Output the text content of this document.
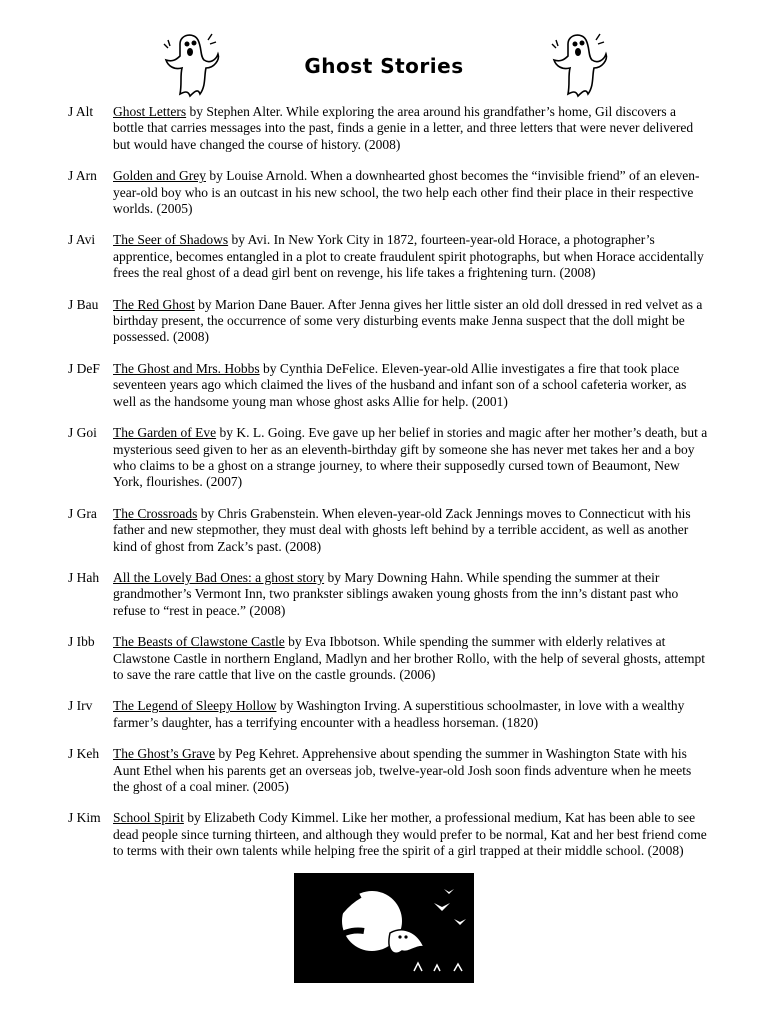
Ghost Stories
J Alt	Ghost Letters by Stephen Alter. While exploring the area around his grandfather’s home, Gil discovers a bottle that carries messages into the past, finds a genie in a letter, and three letters that were never delivered but would have changed the course of history. (2008)
J Arn	Golden and Grey by Louise Arnold. When a downhearted ghost becomes the “invisible friend” of an eleven-year-old boy who is an outcast in his new school, the two help each other find their place in their respective worlds. (2005)
J Avi	The Seer of Shadows by Avi. In New York City in 1872, fourteen-year-old Horace, a photographer’s apprentice, becomes entangled in a plot to create fraudulent spirit photographs, but when Horace accidentally frees the real ghost of a dead girl bent on revenge, his life takes a frightening turn. (2008)
J Bau	The Red Ghost by Marion Dane Bauer. After Jenna gives her little sister an old doll dressed in red velvet as a birthday present, the occurrence of some very disturbing events make Jenna suspect that the doll might be possessed. (2008)
J DeF The Ghost and Mrs. Hobbs by Cynthia DeFelice. Eleven-year-old Allie investigates a fire that took place seventeen years ago which claimed the lives of the husband and infant son of a school cafeteria worker, as well as the handsome young man whose ghost asks Allie for help. (2001)
J Goi	The Garden of Eve by K. L. Going. Eve gave up her belief in stories and magic after her mother’s death, but a mysterious seed given to her as an eleventh-birthday gift by someone she has never met takes her and a boy who claims to be a ghost on a strange journey, to where their supposedly cursed town of Beaumont, New York, flourishes. (2007)
J Gra	The Crossroads by Chris Grabenstein. When eleven-year-old Zack Jennings moves to Connecticut with his father and new stepmother, they must deal with ghosts left behind by a terrible accident, as well as another kind of ghost from Zack’s past. (2008)
J Hah	All the Lovely Bad Ones: a ghost story by Mary Downing Hahn. While spending the summer at their grandmother’s Vermont Inn, two prankster siblings awaken young ghosts from the inn’s distant past who refuse to “rest in peace.” (2008)
J Ibb	The Beasts of Clawstone Castle by Eva Ibbotson. While spending the summer with elderly relatives at Clawstone Castle in northern England, Madlyn and her brother Rollo, with the help of several ghosts, attempt to save the rare cattle that live on the castle grounds. (2006)
J Irv	The Legend of Sleepy Hollow by Washington Irving. A superstitious schoolmaster, in love with a wealthy farmer’s daughter, has a terrifying encounter with a headless horseman. (1820)
J Keh	The Ghost’s Grave by Peg Kehret. Apprehensive about spending the summer in Washington State with his Aunt Ethel when his parents get an overseas job, twelve-year-old Josh soon finds adventure when he meets the ghost of a coal miner. (2005)
J Kim School Spirit by Elizabeth Cody Kimmel. Like her mother, a professional medium, Kat has been able to see dead people since turning thirteen, and although they would prefer to be normal, Kat and her best friend come to terms with their own talents while helping free the spirit of a girl trapped at their middle school. (2008)
